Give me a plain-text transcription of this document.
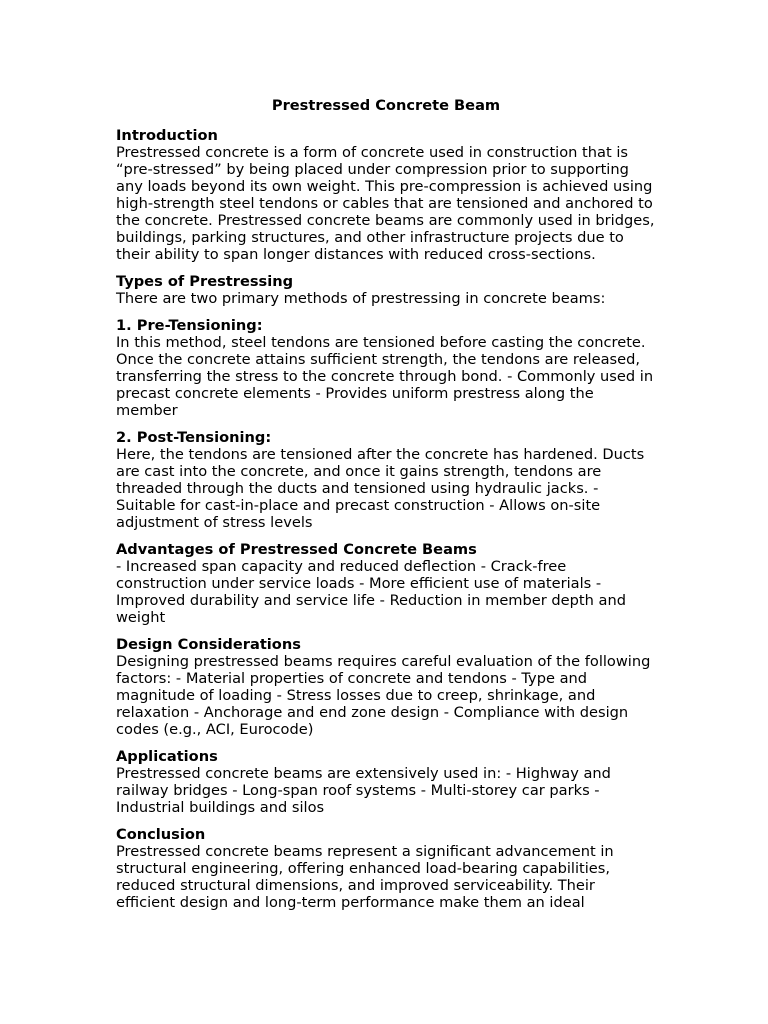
Prestressed Concrete Beam
Introduction
Prestressed concrete is a form of concrete used in construction that is “pre-stressed” by being placed under compression prior to supporting any loads beyond its own weight. This pre-compression is achieved using high-strength steel tendons or cables that are tensioned and anchored to the concrete. Prestressed concrete beams are commonly used in bridges, buildings, parking structures, and other infrastructure projects due to their ability to span longer distances with reduced cross-sections.
Types of Prestressing
There are two primary methods of prestressing in concrete beams:
1. Pre-Tensioning:
In this method, steel tendons are tensioned before casting the concrete. Once the concrete attains sufficient strength, the tendons are released, transferring the stress to the concrete through bond. - Commonly used in precast concrete elements - Provides uniform prestress along the member
2. Post-Tensioning:
Here, the tendons are tensioned after the concrete has hardened. Ducts are cast into the concrete, and once it gains strength, tendons are threaded through the ducts and tensioned using hydraulic jacks. - Suitable for cast-in-place and precast construction - Allows on-site adjustment of stress levels
Advantages of Prestressed Concrete Beams
- Increased span capacity and reduced deflection - Crack-free construction under service loads - More efficient use of materials - Improved durability and service life - Reduction in member depth and weight
Design Considerations
Designing prestressed beams requires careful evaluation of the following factors: - Material properties of concrete and tendons - Type and magnitude of loading - Stress losses due to creep, shrinkage, and relaxation - Anchorage and end zone design - Compliance with design codes (e.g., ACI, Eurocode)
Applications
Prestressed concrete beams are extensively used in: - Highway and railway bridges - Long-span roof systems - Multi-storey car parks - Industrial buildings and silos
Conclusion
Prestressed concrete beams represent a significant advancement in structural engineering, offering enhanced load-bearing capabilities, reduced structural dimensions, and improved serviceability. Their efficient design and long-term performance make them an ideal
